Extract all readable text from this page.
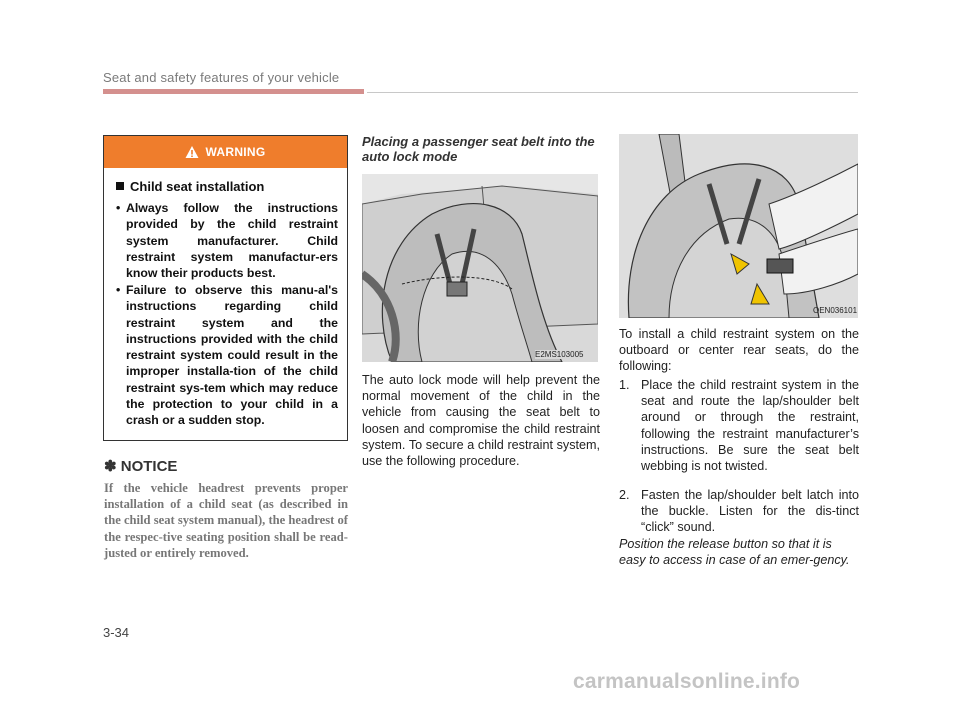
Seat and safety features of your vehicle
WARNING
Child seat installation
• Always follow the instructions provided by the child restraint system manufacturer. Child restraint system manufactur-ers know their products best.
• Failure to observe this manu-al's instructions regarding child restraint system and the instructions provided with the child restraint system could result in the improper installa-tion of the child restraint sys-tem which may reduce the protection to your child in a crash or a sudden stop.
✽ NOTICE
If the vehicle headrest prevents proper installation of a child seat (as described in the child seat system manual), the headrest of the respec-tive seating position shall be read-justed or entirely removed.
Placing a passenger seat belt into the auto lock mode
E2MS103005
The auto lock mode will help prevent the normal movement of the child in the vehicle from causing the seat belt to loosen and compromise the child restraint system. To secure a child restraint system, use the following procedure.
OEN036101
To install a child restraint system on the outboard or center rear seats, do the following:
1. Place the child restraint system in the seat and route the lap/shoulder belt around or through the restraint, following the restraint manufacturer’s instructions. Be sure the seat belt webbing is not twisted.
2. Fasten the lap/shoulder belt latch into the buckle. Listen for the dis-tinct “click” sound.
Position the release button so that it is easy to access in case of an emer-gency.
3-34
carmanualsonline.info
